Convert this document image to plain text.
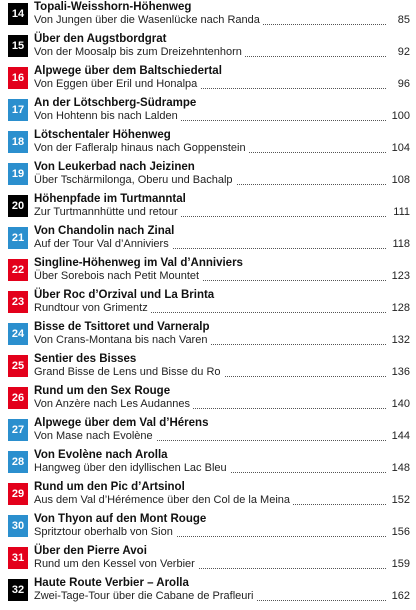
14
Topali-Weisshorn-Höhenweg
Von Jungen über die Wasenlücke nach Randa	85
15
Über den Augstbordgrat
Von der Moosalp bis zum Dreizehntenhorn	92
16
Alpwege über dem Baltschiedertal
Von Eggen über Eril und Honalpa	96
17
An der Lötschberg-Südrampe
Von Hohtenn bis nach Lalden	100
18
Lötschentaler Höhenweg
Von der Fafleralp hinaus nach Goppenstein	104
19
Von Leukerbad nach Jeizinen
Über Tschärmilonga, Oberu und Bachalp	108
20
Höhenpfade im Turtmanntal
Zur Turtmannhütte und retour	111
21
Von Chandolin nach Zinal
Auf der Tour Val d’Anniviers	118
22
Singline-Höhenweg im Val d’Anniviers
Über Sorebois nach Petit Mountet	123
23
Über Roc d’Orzival und La Brinta
Rundtour von Grimentz	128
24
Bisse de Tsittoret und Varneralp
Von Crans-Montana bis nach Varen	132
25
Sentier des Bisses
Grand Bisse de Lens und Bisse du Ro	136
26
Rund um den Sex Rouge
Von Anzère nach Les Audannes	140
27
Alpwege über dem Val d’Hérens
Von Mase nach Evolène	144
28
Von Evolène nach Arolla
Hangweg über den idyllischen Lac Bleu	148
29
Rund um den Pic d’Artsinol
Aus dem Val d’Hérémence über den Col de la Meina	152
30
Von Thyon auf den Mont Rouge
Spritztour oberhalb von Sion	156
31
Über den Pierre Avoi
Rund um den Kessel von Verbier	159
32
Haute Route Verbier – Arolla
Zwei-Tage-Tour über die Cabane de Prafleuri	162
